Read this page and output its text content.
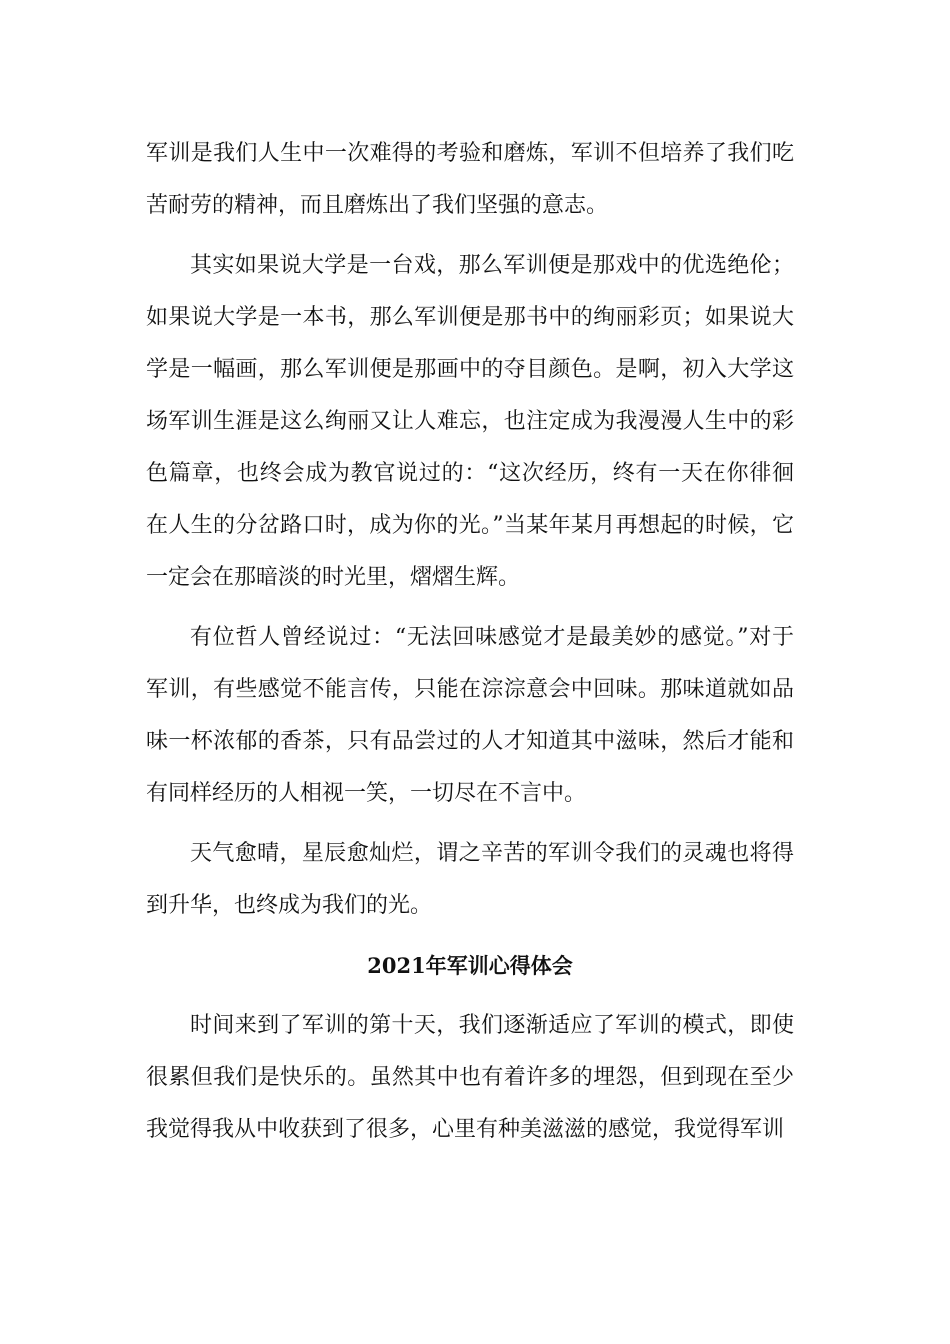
军训是我们人生中一次难得的考验和磨炼，军训不但培养了我们吃苦耐劳的精神，而且磨炼出了我们坚强的意志。

其实如果说大学是一台戏，那么军训便是那戏中的优选绝伦；如果说大学是一本书，那么军训便是那书中的绚丽彩页；如果说大学是一幅画，那么军训便是那画中的夺目颜色。是啊，初入大学这场军训生涯是这么绚丽又让人难忘，也注定成为我漫漫人生中的彩色篇章，也终会成为教官说过的：“这次经历，终有一天在你徘徊在人生的分岔路口时，成为你的光。”当某年某月再想起的时候，它一定会在那暗淡的时光里，熠熠生辉。

有位哲人曾经说过：“无法回味感觉才是最美妙的感觉。”对于军训，有些感觉不能言传，只能在淙淙意会中回味。那味道就如品味一杯浓郁的香茶，只有品尝过的人才知道其中滋味，然后才能和有同样经历的人相视一笑，一切尽在不言中。

天气愈晴，星辰愈灿烂，谓之辛苦的军训令我们的灵魂也将得到升华，也终成为我们的光。

2021年军训心得体会

时间来到了军训的第十天，我们逐渐适应了军训的模式，即使很累但我们是快乐的。虽然其中也有着许多的埋怨，但到现在至少我觉得我从中收获到了很多，心里有种美滋滋的感觉，我觉得军训
